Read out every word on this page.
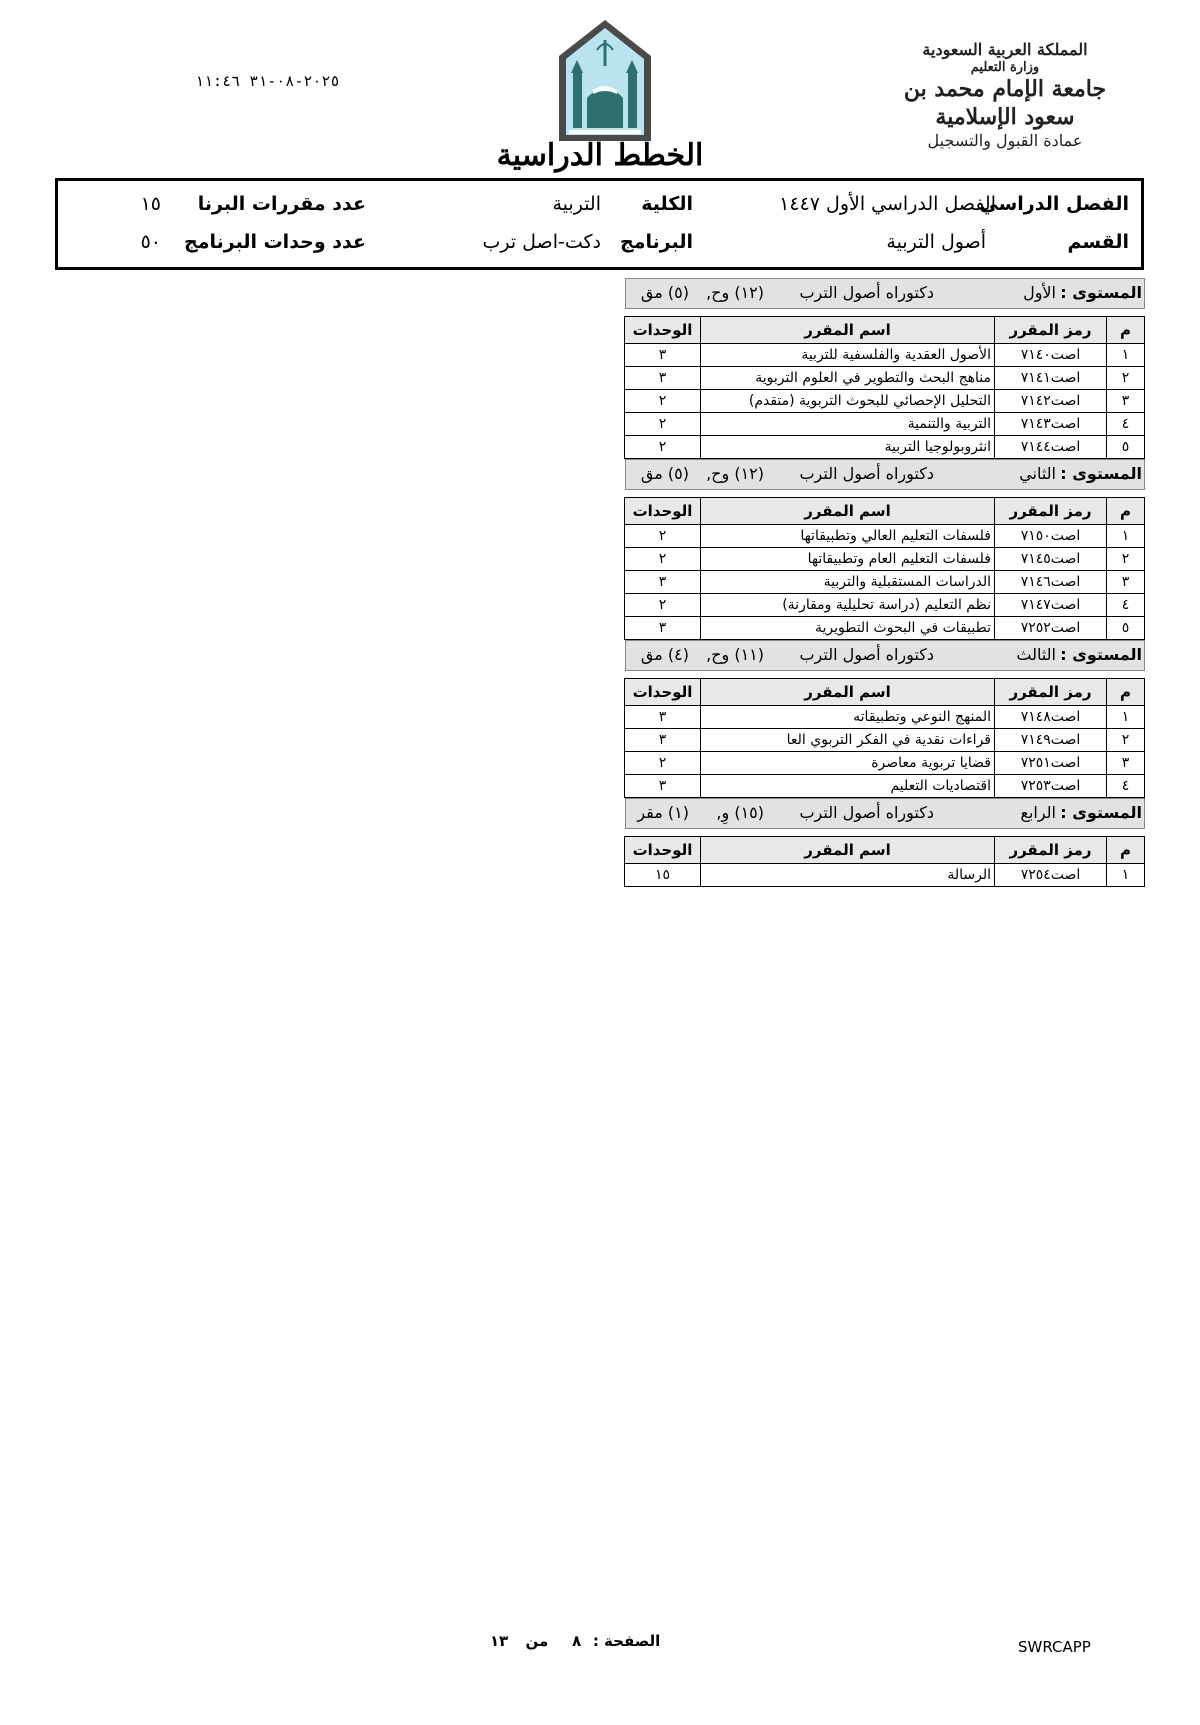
٢٠٢٥-٠٨-٣١ ١١:٤٦
المملكة العربية السعودية
وزارة التعليم
جامعة الإمام محمد بن سعود الإسلامية
عمادة القبول والتسجيل
الخطط الدراسية
الفصل الدراسي
الفصل الدراسي الأول ١٤٤٧
الكلية
التربية
عدد مقررات البرنا
١٥
القسم
أصول التربية
البرنامج
دكت-اصل ترب
عدد وحدات البرنامج
٥٠
المستوى :
الأول
دكتوراه أصول الترب
(١٢) وح,
(٥) مق
م	رمز المقرر	اسم المقرر	الوحدات
١	اصت٧١٤٠	الأصول العقدية والفلسفية للتربية	٣
٢	اصت٧١٤١	مناهج البحث والتطوير في العلوم التربوية	٣
٣	اصت٧١٤٢	التحليل الإحصائي للبحوث التربوية (متقدم)	٢
٤	اصت٧١٤٣	التربية والتنمية	٢
٥	اصت٧١٤٤	انثروبولوجيا التربية	٢
المستوى :
الثاني
دكتوراه أصول الترب
(١٢) وح,
(٥) مق
م	رمز المقرر	اسم المقرر	الوحدات
١	اصت٧١٥٠	فلسفات التعليم العالي وتطبيقاتها	٢
٢	اصت٧١٤٥	فلسفات التعليم العام وتطبيقاتها	٢
٣	اصت٧١٤٦	الدراسات المستقبلية والتربية	٣
٤	اصت٧١٤٧	نظم التعليم (دراسة تحليلية ومقارنة)	٢
٥	اصت٧٢٥٢	تطبيقات في البحوث التطويرية	٣
المستوى :
الثالث
دكتوراه أصول الترب
(١١) وح,
(٤) مق
م	رمز المقرر	اسم المقرر	الوحدات
١	اصت٧١٤٨	المنهج النوعي وتطبيقاته	٣
٢	اصت٧١٤٩	قراءات نقدية في الفكر التربوي العا	٣
٣	اصت٧٢٥١	قضايا تربوية معاصرة	٢
٤	اصت٧٢٥٣	اقتصاديات التعليم	٣
المستوى :
الرابع
دكتوراه أصول الترب
(١٥) وِ,
(١) مقر
م	رمز المقرر	اسم المقرر	الوحدات
١	اصت٧٢٥٤	الرسالة	١٥
الصفحة : ٨ من ١٣	SWRCAPP
